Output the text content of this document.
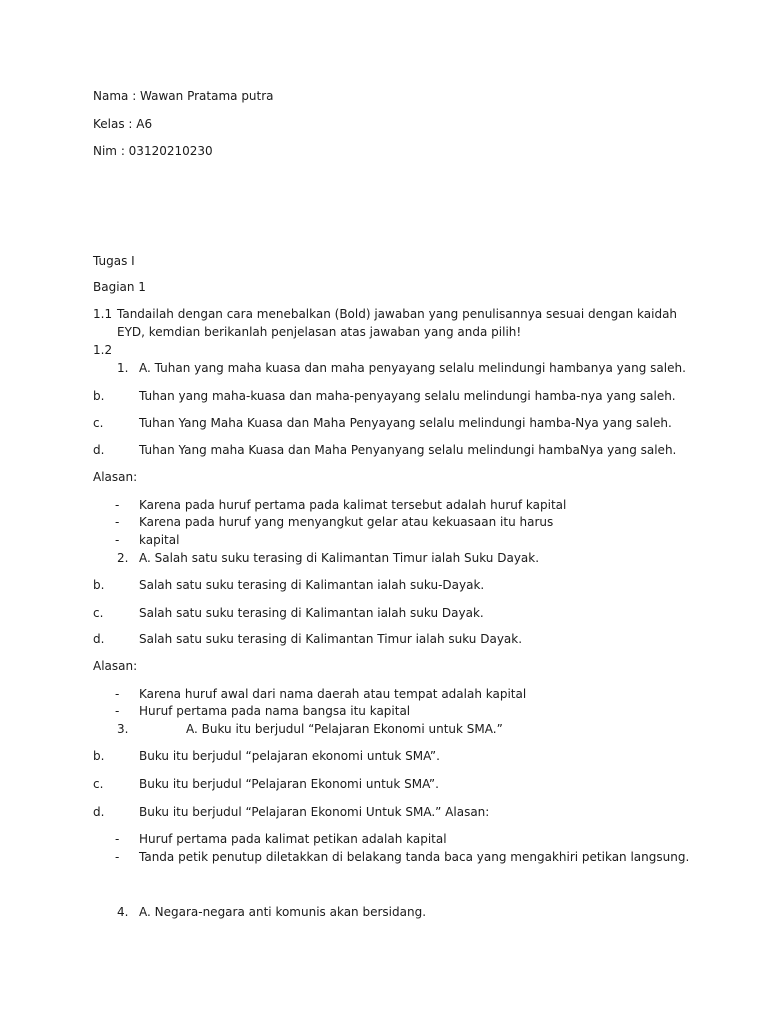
Nama : Wawan Pratama putra
Kelas : A6
Nim : 03120210230
Tugas I
Bagian 1
1.1 Tandailah dengan cara menebalkan (Bold) jawaban yang penulisannya sesuai dengan kaidah
EYD, kemdian berikanlah penjelasan atas jawaban yang anda pilih!
1.2
1. A. Tuhan yang maha kuasa dan maha penyayang selalu melindungi hambanya yang saleh.
b.	Tuhan yang maha-kuasa dan maha-penyayang selalu melindungi hamba-nya yang saleh.
c.	Tuhan Yang Maha Kuasa dan Maha Penyayang selalu melindungi hamba-Nya yang saleh.
d.	Tuhan Yang maha Kuasa dan Maha Penyanyang selalu melindungi hambaNya yang saleh.
Alasan:
- Karena pada huruf pertama pada kalimat tersebut adalah huruf kapital
- Karena pada huruf yang menyangkut gelar atau kekuasaan itu harus
- kapital
2. A. Salah satu suku terasing di Kalimantan Timur ialah Suku Dayak.
b.	Salah satu suku terasing di Kalimantan ialah suku-Dayak.
c.	Salah satu suku terasing di Kalimantan ialah suku Dayak.
d.	Salah satu suku terasing di Kalimantan Timur ialah suku Dayak.
Alasan:
- Karena huruf awal dari nama daerah atau tempat adalah kapital
- Huruf pertama pada nama bangsa itu kapital
3.	A. Buku itu berjudul “Pelajaran Ekonomi untuk SMA.”
b.	Buku itu berjudul “pelajaran ekonomi untuk SMA”.
c.	Buku itu berjudul “Pelajaran Ekonomi untuk SMA”.
d.	Buku itu berjudul “Pelajaran Ekonomi Untuk SMA.” Alasan:
- Huruf pertama pada kalimat petikan adalah kapital
- Tanda petik penutup diletakkan di belakang tanda baca yang mengakhiri petikan langsung.
4. A. Negara-negara anti komunis akan bersidang.
